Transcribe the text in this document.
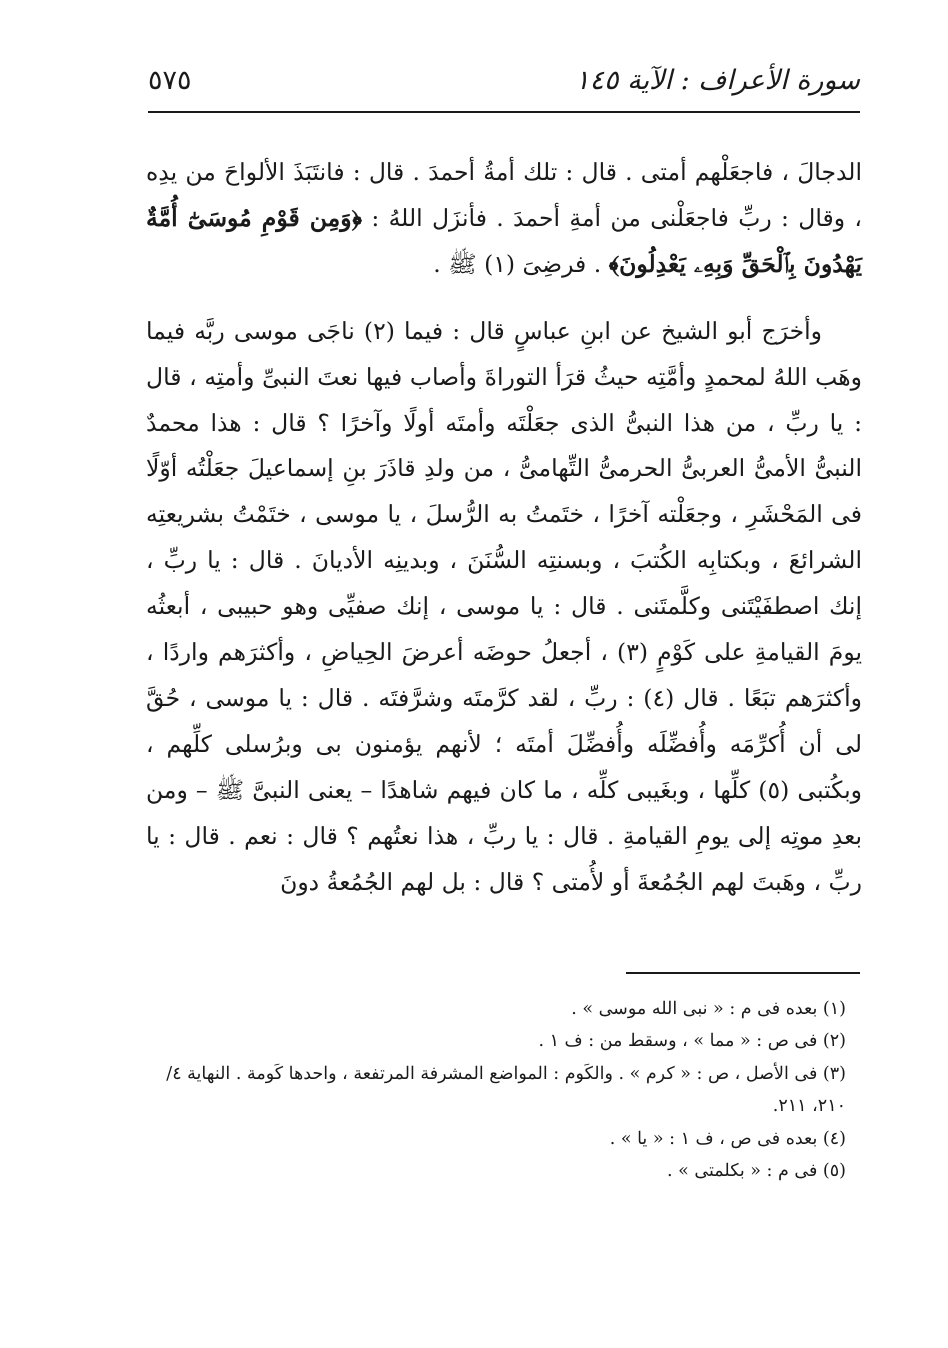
سورة الأعراف : الآية ١٤٥
٥٧٥

الدجالَ ، فاجعَلْهم أمتى . قال : تلك أمةُ أحمدَ . قال : فانتَبَذَ الألواحَ من يدِه ، وقال : ربِّ فاجعَلْنى من أمةِ أحمدَ . فأنزَل اللهُ : ﴿وَمِن قَوْمِ مُوسَىٰٓ أُمَّةٌ يَهْدُونَ بِٱلْحَقِّ وَبِهِۦ يَعْدِلُونَ﴾ . فرضِىَ (١) ﷺ .

وأخرَج أبو الشيخ عن ابنِ عباسٍ قال : فيما (٢) ناجَى موسى ربَّه فيما وهَب اللهُ لمحمدٍ وأمَّتِه حيثُ قرَأ التوراةَ وأصاب فيها نعتَ النبىِّ وأمتِه ، قال : يا ربِّ ، من هذا النبىُّ الذى جعَلْتَه وأمتَه أولًا وآخرًا ؟ قال : هذا محمدٌ النبىُّ الأمىُّ العربىُّ الحرمىُّ التِّهامىُّ ، من ولدِ قاذَرَ بنِ إسماعيلَ جعَلْتُه أوّلًا فى المَحْشَرِ ، وجعَلْته آخرًا ، ختَمتُ به الرُّسلَ ، يا موسى ، ختَمْتُ بشريعتِه الشرائعَ ، وبكتابِه الكُتبَ ، وبسنتِه السُّنَنَ ، وبدينِه الأديانَ . قال : يا ربِّ ، إنك اصطفَيْتَنى وكلَّمتَنى . قال : يا موسى ، إنك صفيِّى وهو حبيبى ، أبعثُه يومَ القيامةِ على كَوْمٍ (٣) ، أجعلُ حوضَه أعرضَ الحِياضِ ، وأكثرَهم واردًا ، وأكثرَهم تبَعًا . قال (٤) : ربِّ ، لقد كرَّمتَه وشرَّفتَه . قال : يا موسى ، حُقَّ لى أن أُكرِّمَه وأُفضِّلَه وأُفضِّلَ أمتَه ؛ لأنهم يؤمنون بى وبرُسلى كلِّهم ، وبكُتبى (٥) كلِّها ، وبغَيبى كلِّه ، ما كان فيهم شاهدًا – يعنى النبىَّ ﷺ – ومن بعدِ موتِه إلى يومِ القيامةِ . قال : يا ربِّ ، هذا نعتُهم ؟ قال : نعم . قال : يا ربِّ ، وهَبتَ لهم الجُمُعةَ أو لأُمتى ؟ قال : بل لهم الجُمُعةُ دونَ

(١) بعده فى م : « نبى الله موسى » .

(٢) فى ص : « مما » ، وسقط من : ف ١ .

(٣) فى الأصل ، ص : « كرم » . والكَوم : المواضع المشرفة المرتفعة ، واحدها كَومة . النهاية ٤/ ٢١٠، ٢١١.

(٤) بعده فى ص ، ف ١ : « يا » .

(٥) فى م : « بكلمتى » .
